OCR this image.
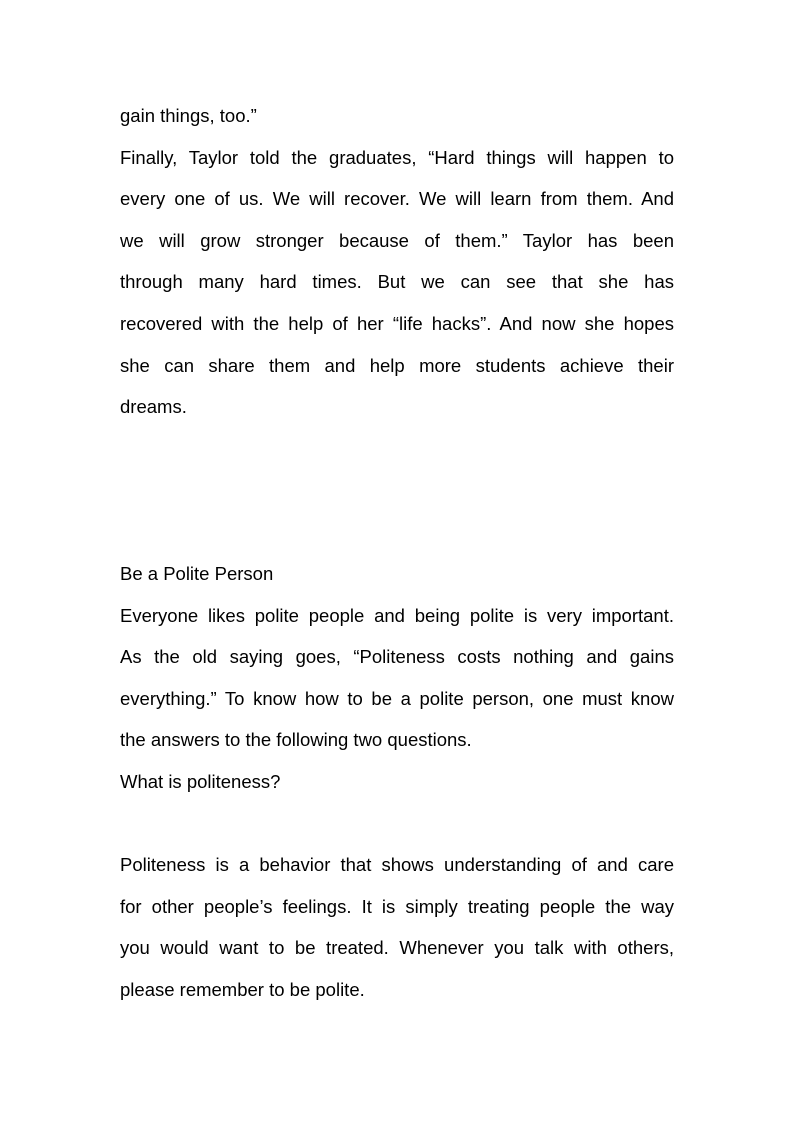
gain things, too.”
Finally, Taylor told the graduates, “Hard things will happen to
every one of us. We will recover. We will learn from them. And
we will grow stronger because of them.” Taylor has been
through many hard times. But we can see that she has
recovered with the help of her “life hacks”. And now she hopes
she can share them and help more students achieve their
dreams.
Be a Polite Person
Everyone likes polite people and being polite is very important.
As the old saying goes, “Politeness costs nothing and gains
everything.” To know how to be a polite person, one must know
the answers to the following two questions.
What is politeness?
Politeness is a behavior that shows understanding of and care
for other people’s feelings. It is simply treating people the way
you would want to be treated. Whenever you talk with others,
please remember to be polite.
